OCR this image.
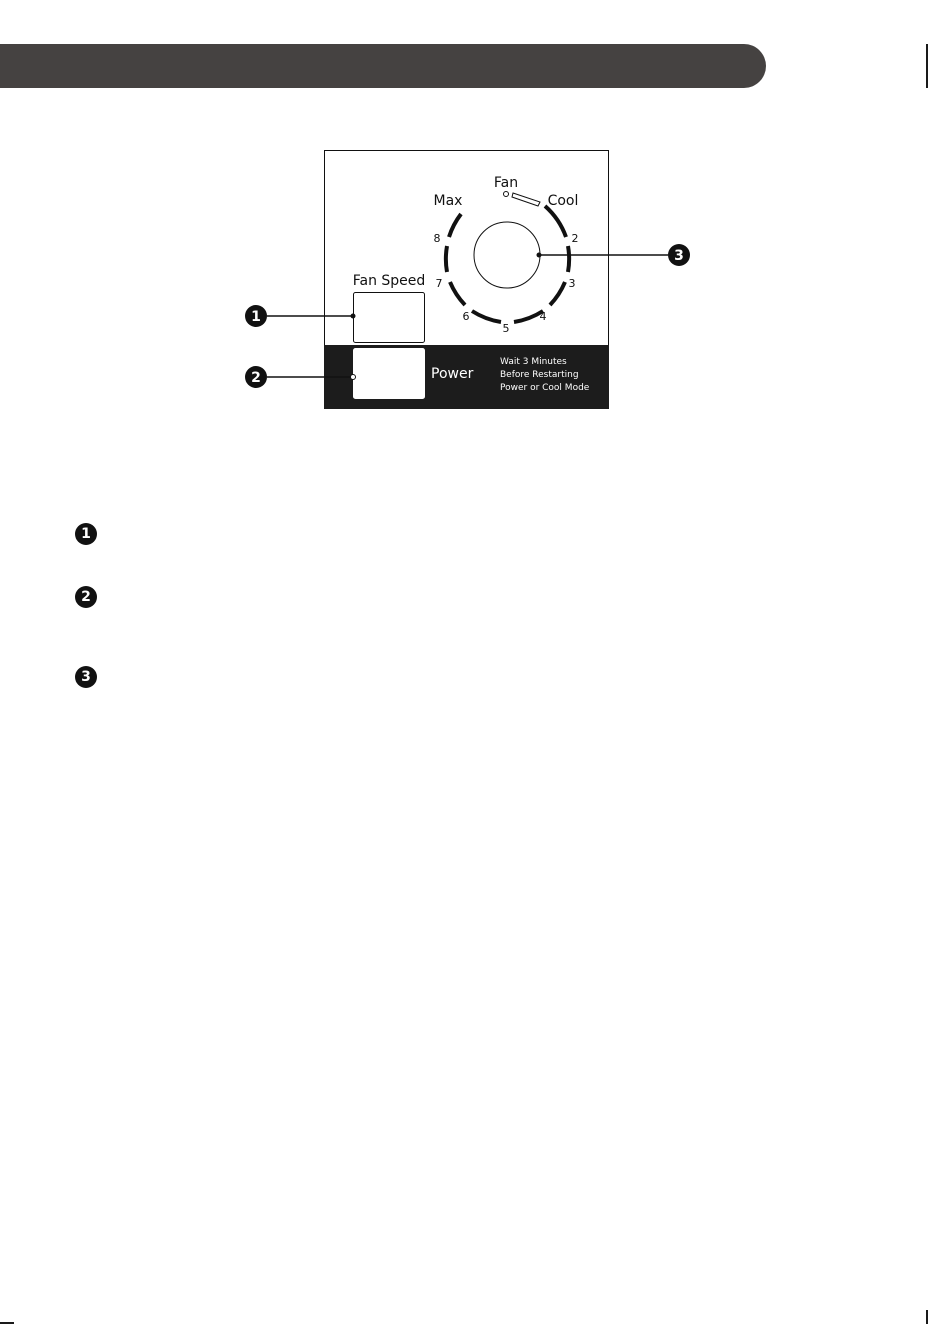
Fan
Cool
Max
2
3
4
5
6
7
8
Fan Speed
Power
Wait 3 Minutes
Before Restarting
Power or Cool Mode
1
2
3
1
2
3
